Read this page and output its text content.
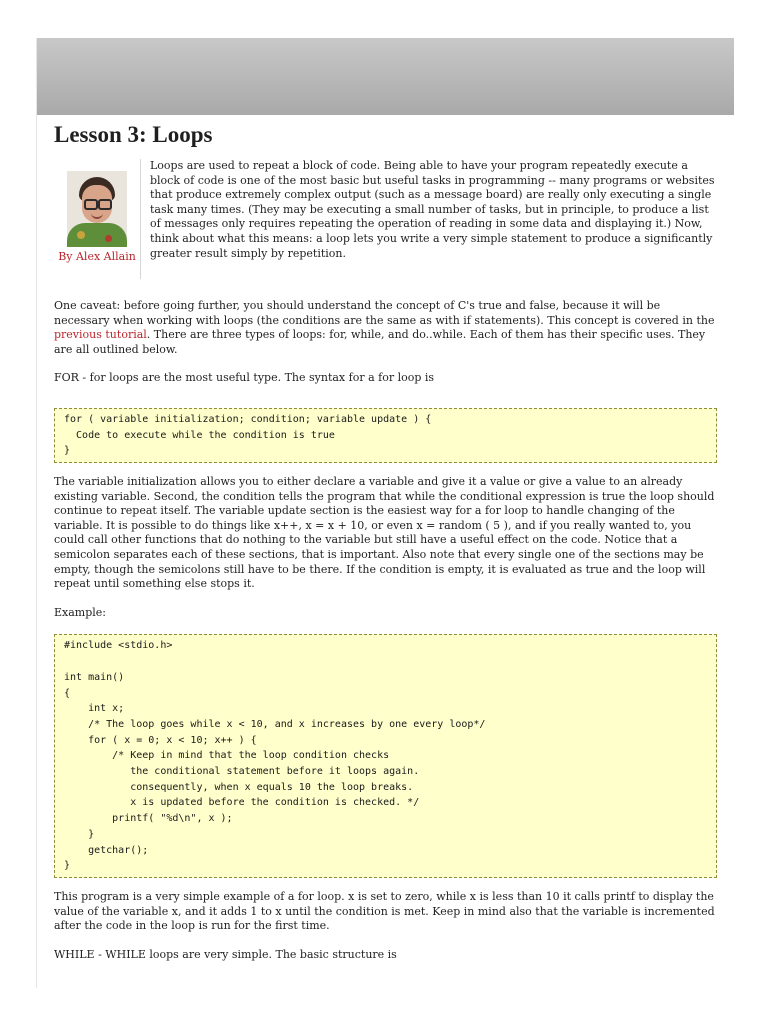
Lesson 3: Loops
By Alex Allain

Loops are used to repeat a block of code. Being able to have your program repeatedly execute a block of code is one of the most basic but useful tasks in programming -- many programs or websites that produce extremely complex output (such as a message board) are really only executing a single task many times. (They may be executing a small number of tasks, but in principle, to produce a list of messages only requires repeating the operation of reading in some data and displaying it.) Now, think about what this means: a loop lets you write a very simple statement to produce a significantly greater result simply by repetition.

One caveat: before going further, you should understand the concept of C's true and false, because it will be necessary when working with loops (the conditions are the same as with if statements). This concept is covered in the previous tutorial. There are three types of loops: for, while, and do..while. Each of them has their specific uses. They are all outlined below.

FOR - for loops are the most useful type. The syntax for a for loop is

for ( variable initialization; condition; variable update ) {
Code to execute while the condition is true
}

The variable initialization allows you to either declare a variable and give it a value or give a value to an already existing variable. Second, the condition tells the program that while the conditional expression is true the loop should continue to repeat itself. The variable update section is the easiest way for a for loop to handle changing of the variable. It is possible to do things like x++, x = x + 10, or even x = random ( 5 ), and if you really wanted to, you could call other functions that do nothing to the variable but still have a useful effect on the code. Notice that a semicolon separates each of these sections, that is important. Also note that every single one of the sections may be empty, though the semicolons still have to be there. If the condition is empty, it is evaluated as true and the loop will repeat until something else stops it.

Example:

#include <stdio.h>

int main()
{
int x;
/* The loop goes while x < 10, and x increases by one every loop*/
for ( x = 0; x < 10; x++ ) {
/* Keep in mind that the loop condition checks
the conditional statement before it loops again.
consequently, when x equals 10 the loop breaks.
x is updated before the condition is checked. */
printf( "%d\n", x );
}
getchar();
}

This program is a very simple example of a for loop. x is set to zero, while x is less than 10 it calls printf to display the value of the variable x, and it adds 1 to x until the condition is met. Keep in mind also that the variable is incremented after the code in the loop is run for the first time.

WHILE - WHILE loops are very simple. The basic structure is
